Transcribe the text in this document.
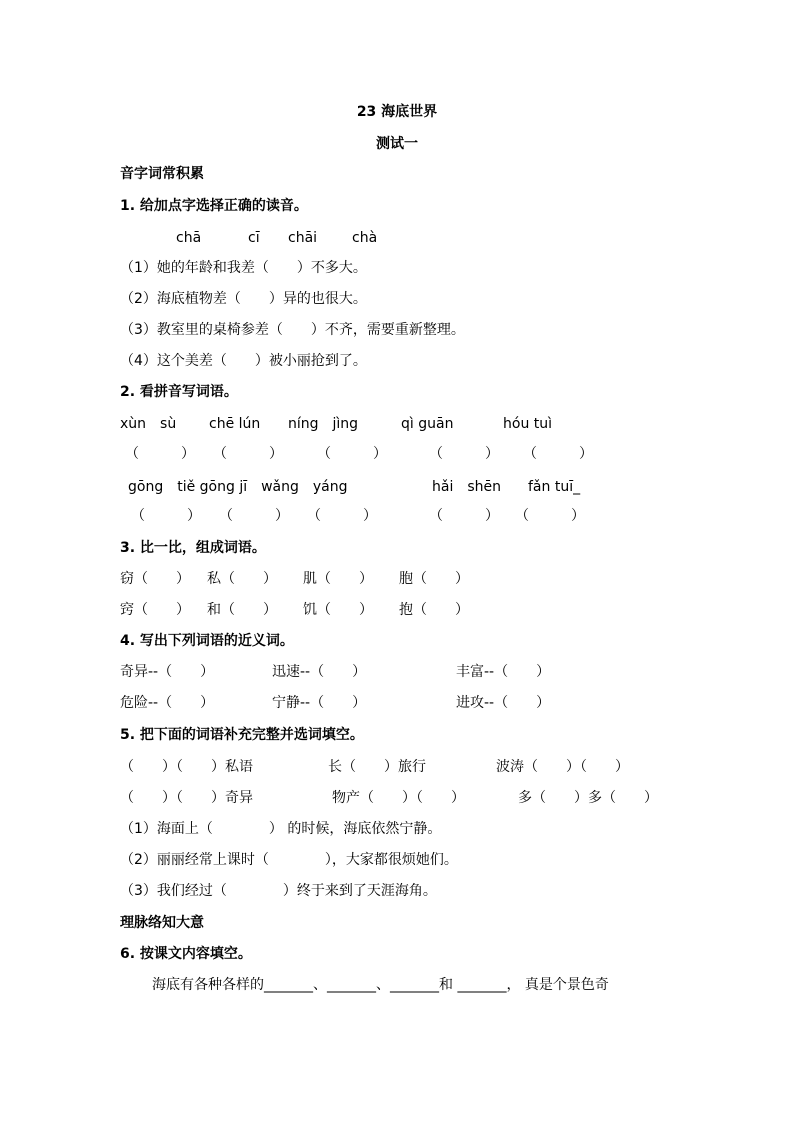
23 海底世界
测试一
音字词常积累
1. 给加点字选择正确的读音。
chā	cī chāi chà
（1）她的年龄和我差（　　）不多大。
（2）海底植物差（　　）异的也很大。
（3）教室里的桌椅参差（　　）不齐，需要重新整理。
（4）这个美差（　　）被小丽抢到了。
2. 看拼音写词语。
xùn　sù chē lún níng　jìng	qì guān	hóu tuì
（　　　） （　　　） （　　　）	（　　　） （　　　）
gōng　tiě gōng jī　wǎng　yáng	hǎi　shēn fǎn tuī_
（　　　） （　　　） （　　　）	（　　　） （　　　）
3. 比一比，组成词语。
窃（　　） 私（　　） 肌（　　） 胞（　　）
窍（　　） 和（　　） 饥（　　） 抱（　　）
4. 写出下列词语的近义词。
奇异--（　　）	迅速--（　　）	丰富--（　　）
危险--（　　）	宁静--（　　）	进攻--（　　）
5. 把下面的词语补充完整并选词填空。
（　　）（　　）私语	长（　　）旅行	波涛（　　）（　　）
（　　）（　　）奇异	物产（　　）（　　）	多（　　）多（　　）
（1）海面上（　　　　） 的时候，海底依然宁静。
（2）丽丽经常上课时（　　　　），大家都很烦她们。
（3）我们经过（　　　　）终于来到了天涯海角。
理脉络知大意
6. 按课文内容填空。
海底有各种各样的_______、_______、_______和 _______， 真是个景色奇
